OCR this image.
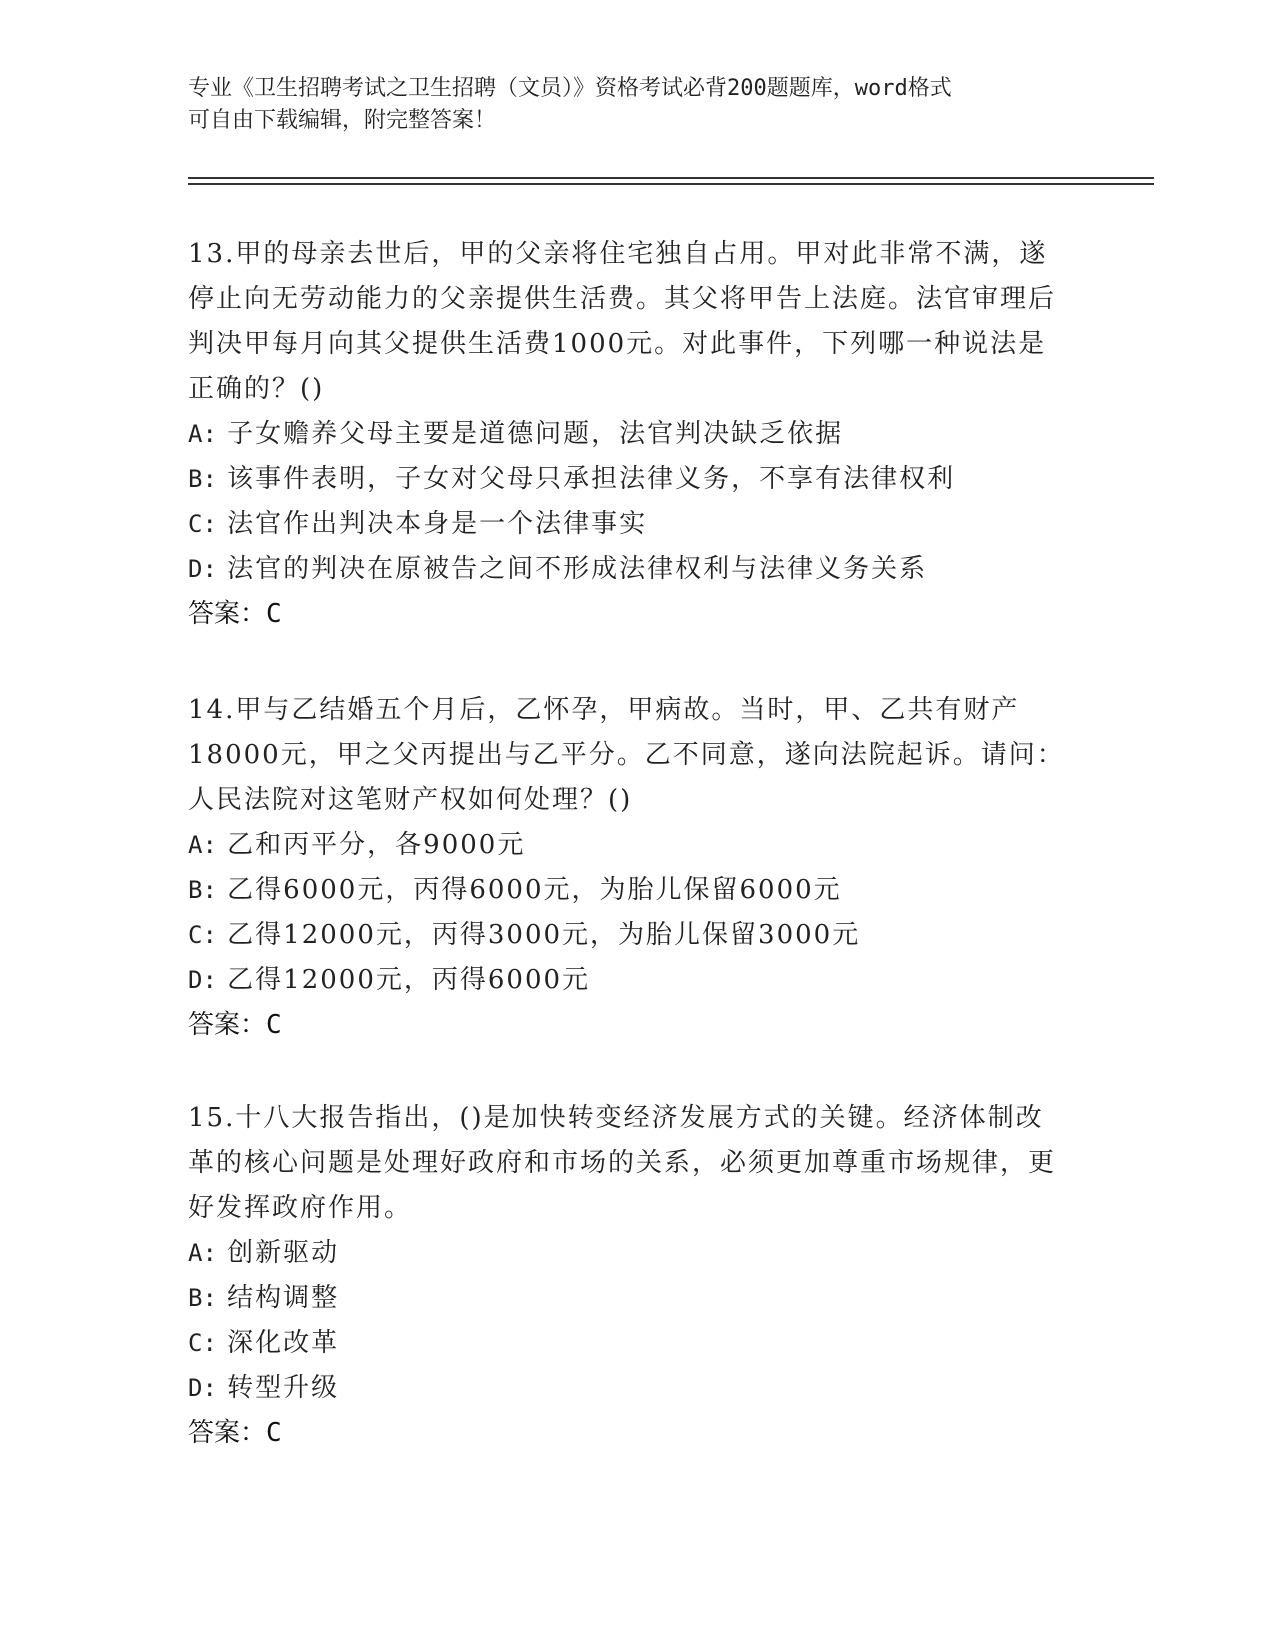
专业《卫生招聘考试之卫生招聘（文员）》资格考试必背200题题库，word格式
可自由下载编辑，附完整答案！

13.甲的母亲去世后，甲的父亲将住宅独自占用。甲对此非常不满，遂停止向无劳动能力的父亲提供生活费。其父将甲告上法庭。法官审理后判决甲每月向其父提供生活费1000元。对此事件，下列哪一种说法是正确的？()

A: 子女赡养父母主要是道德问题，法官判决缺乏依据
B: 该事件表明，子女对父母只承担法律义务，不享有法律权利
C: 法官作出判决本身是一个法律事实
D: 法官的判决在原被告之间不形成法律权利与法律义务关系
答案：C

14.甲与乙结婚五个月后，乙怀孕，甲病故。当时，甲、乙共有财产18000元，甲之父丙提出与乙平分。乙不同意，遂向法院起诉。请问：人民法院对这笔财产权如何处理？()

A: 乙和丙平分，各9000元
B: 乙得6000元，丙得6000元，为胎儿保留6000元
C: 乙得12000元，丙得3000元，为胎儿保留3000元
D: 乙得12000元，丙得6000元
答案：C

15.十八大报告指出，()是加快转变经济发展方式的关键。经济体制改革的核心问题是处理好政府和市场的关系，必须更加尊重市场规律，更好发挥政府作用。

A: 创新驱动
B: 结构调整
C: 深化改革
D: 转型升级
答案：C
